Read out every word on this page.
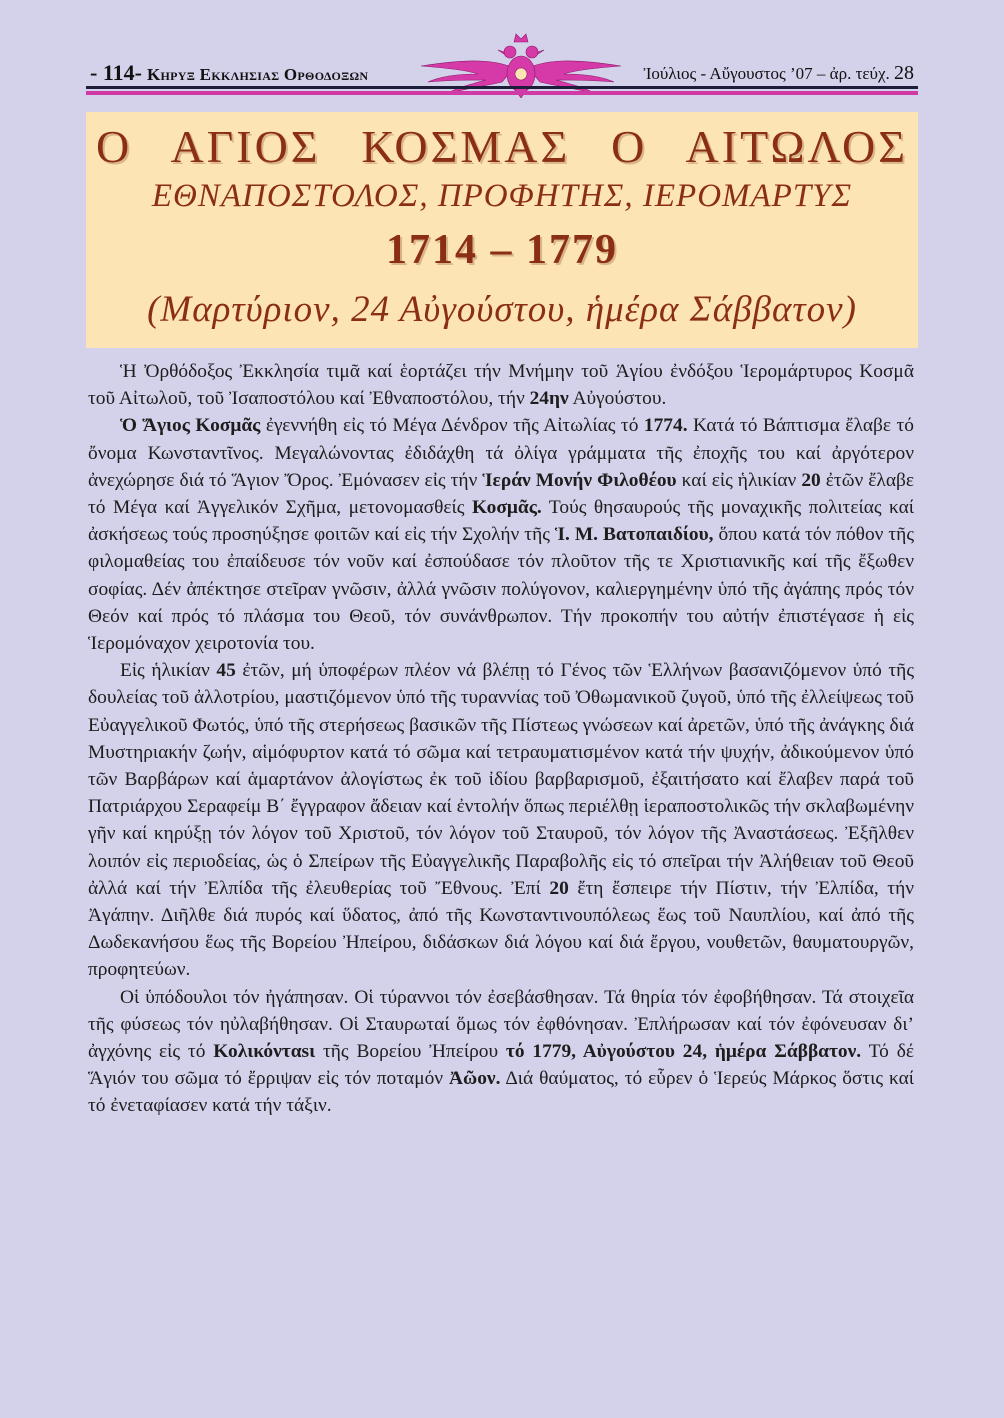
- 114- Κηρυξ Εκκλησιας Ορθοδοξων	Ἰούλιος - Αὔγουστος ’07 – ἀρ. τεύχ. 28
Ο ΑΓΙΟΣ ΚΟΣΜΑΣ Ο ΑΙΤΩΛΟΣ
ΕΘΝΑΠΟΣΤΟΛΟΣ, ΠΡΟΦΗΤΗΣ, ΙΕΡΟΜΑΡΤΥΣ
1714 – 1779
(Μαρτύριον, 24 Αὐγούστου, ἡμέρα Σάββατον)

Ἡ Ὀρθόδοξος Ἐκκλησία τιμᾶ καί ἑορτάζει τήν Μνήμην τοῦ Ἁγίου ἐνδόξου Ἱερομάρτυρος Κοσμᾶ τοῦ Αἰτωλοῦ, τοῦ Ἰσαποστόλου καί Ἐθναποστόλου, τήν 24ην Αὐγούστου.

Ὁ Ἅγιος Κοσμᾶς ἐγεννήθη εἰς τό Μέγα Δένδρον τῆς Αἰτωλίας τό 1774. Κατά τό Βάπτισμα ἔλαβε τό ὄνομα Κωνσταντῖνος. Μεγαλώνοντας ἐδιδάχθη τά ὀλίγα γράμματα τῆς ἐποχῆς του καί ἀργότερον ἀνεχώρησε διά τό Ἅγιον Ὄρος. Ἐμόνασεν εἰς τήν Ἱεράν Μονήν Φιλοθέου καί εἰς ἡλικίαν 20 ἐτῶν ἔλαβε τό Μέγα καί Ἀγγελικόν Σχῆμα, μετονομασθείς Κοσμᾶς. Τούς θησαυρούς τῆς μοναχικῆς πολιτείας καί ἀσκήσεως τούς προσηύξησε φοιτῶν καί εἰς τήν Σχολήν τῆς Ἱ. Μ. Βατοπαιδίου, ὅπου κατά τόν πόθον τῆς φιλομαθείας του ἐπαίδευσε τόν νοῦν καί ἐσπούδασε τόν πλοῦτον τῆς τε Χριστιανικῆς καί τῆς ἔξωθεν σοφίας. Δέν ἀπέκτησε στεῖραν γνῶσιν, ἀλλά γνῶσιν πολύγονον, καλιεργημένην ὑπό τῆς ἀγάπης πρός τόν Θεόν καί πρός τό πλάσμα του Θεοῦ, τόν συνάνθρωπον. Τήν προκοπήν του αὐτήν ἐπιστέγασε ἡ εἰς Ἱερομόναχον χειροτονία του.

Εἰς ἡλικίαν 45 ἐτῶν, μή ὑποφέρων πλέον νά βλέπῃ τό Γένος τῶν Ἑλλήνων βασανιζόμενον ὑπό τῆς δουλείας τοῦ ἀλλοτρίου, μαστιζόμενον ὑπό τῆς τυραννίας τοῦ Ὀθωμανικοῦ ζυγοῦ, ὑπό τῆς ἐλλείψεως τοῦ Εὐαγγελικοῦ Φωτός, ὑπό τῆς στερήσεως βασικῶν τῆς Πίστεως γνώσεων καί ἀρετῶν, ὑπό τῆς ἀνάγκης διά Μυστηριακήν ζωήν, αἱμόφυρτον κατά τό σῶμα καί τετραυματισμένον κατά τήν ψυχήν, ἀδικούμενον ὑπό τῶν Βαρβάρων καί ἁμαρτάνον ἀλογίστως ἐκ τοῦ ἰδίου βαρβαρισμοῦ, ἐξαιτήσατο καί ἔλαβεν παρά τοῦ Πατριάρχου Σεραφείμ Β΄ ἔγγραφον ἄδειαν καί ἐντολήν ὅπως περιέλθῃ ἱεραποστολικῶς τήν σκλαβωμένην γῆν καί κηρύξῃ τόν λόγον τοῦ Χριστοῦ, τόν λόγον τοῦ Σταυροῦ, τόν λόγον τῆς Ἀναστάσεως. Ἐξῆλθεν λοιπόν εἰς περιοδείας, ὡς ὁ Σπείρων τῆς Εὐαγγελικῆς Παραβολῆς εἰς τό σπεῖραι τήν Ἀλήθειαν τοῦ Θεοῦ ἀλλά καί τήν Ἐλπίδα τῆς ἐλευθερίας τοῦ Ἔθνους. Ἐπί 20 ἔτη ἔσπειρε τήν Πίστιν, τήν Ἐλπίδα, τήν Ἀγάπην. Διῆλθε διά πυρός καί ὕδατος, ἀπό τῆς Κωνσταντινουπόλεως ἕως τοῦ Ναυπλίου, καί ἀπό τῆς Δωδεκανήσου ἕως τῆς Βορείου Ἠπείρου, διδάσκων διά λόγου καί διά ἔργου, νουθετῶν, θαυματουργῶν, προφητεύων.

Οἱ ὑπόδουλοι τόν ἠγάπησαν. Οἱ τύραννοι τόν ἐσεβάσθησαν. Τά θηρία τόν ἐφοβήθησαν. Τά στοιχεῖα τῆς φύσεως τόν ηὐλαβήθησαν. Οἱ Σταυρωταί ὅμως τόν ἐφθόνησαν. Ἐπλήρωσαν καί τόν ἐφόνευσαν δι’ ἀγχόνης εἰς τό Κολικόνταsι τῆς Βορείου Ἠπείρου τό 1779, Αὐγούστου 24, ἡμέρα Σάββατον. Τό δέ Ἅγιόν του σῶμα τό ἔρριψαν εἰς τόν ποταμόν Ἀῶον. Διά θαύματος, τό εὗρεν ὁ Ἱερεύς Μάρκος ὅστις καί τό ἐνεταφίασεν κατά τήν τάξιν.
